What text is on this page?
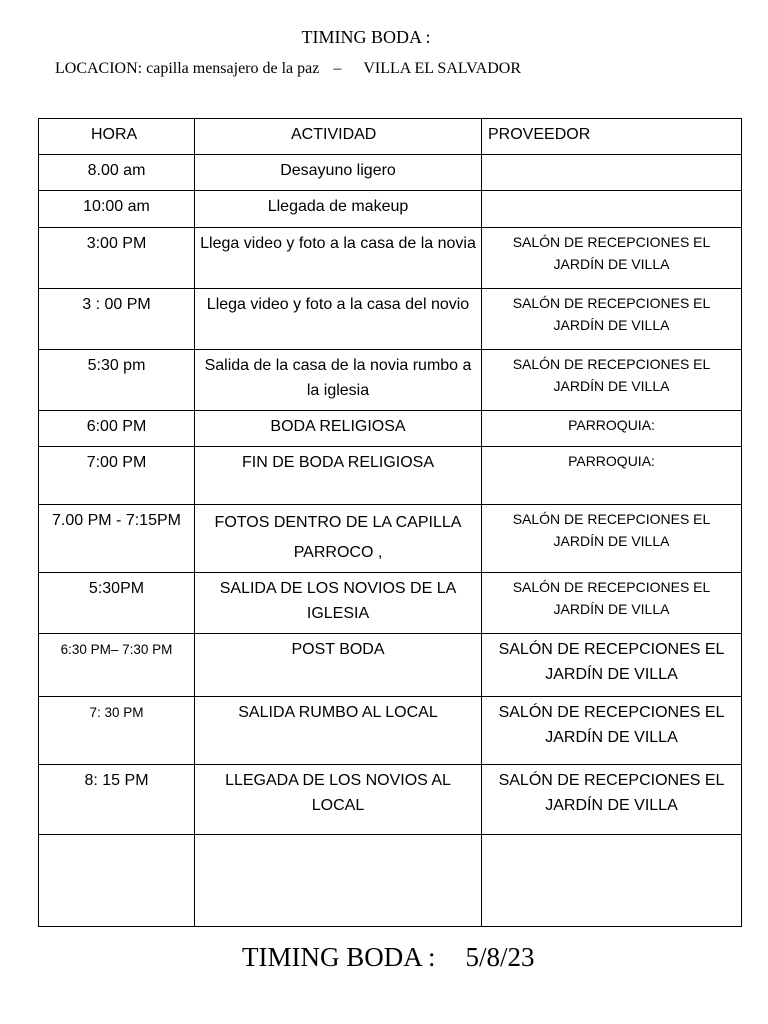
TIMING BODA :
LOCACION: capilla mensajero de la paz – VILLA EL SALVADOR
HORA	ACTIVIDAD	PROVEEDOR
8.00 am	Desayuno ligero	
10:00 am	Llegada de makeup	
3:00 PM	Llega video y foto a la casa de la novia	SALÓN DE RECEPCIONES EL JARDÍN DE VILLA
3 : 00 PM	Llega video y foto a la casa del novio	SALÓN DE RECEPCIONES EL JARDÍN DE VILLA
5:30 pm	Salida de la casa de la novia rumbo a la iglesia	SALÓN DE RECEPCIONES EL JARDÍN DE VILLA
6:00 PM	BODA RELIGIOSA	PARROQUIA:
7:00 PM	FIN DE BODA RELIGIOSA	PARROQUIA:
7.00 PM - 7:15PM	FOTOS DENTRO DE LA CAPILLA PARROCO ,	SALÓN DE RECEPCIONES EL JARDÍN DE VILLA
5:30PM	SALIDA DE LOS NOVIOS DE LA IGLESIA	SALÓN DE RECEPCIONES EL JARDÍN DE VILLA
6:30 PM– 7:30 PM	POST BODA	SALÓN DE RECEPCIONES EL JARDÍN DE VILLA
7: 30 PM	SALIDA RUMBO AL LOCAL	SALÓN DE RECEPCIONES EL JARDÍN DE VILLA
8: 15 PM	LLEGADA DE LOS NOVIOS AL LOCAL	SALÓN DE RECEPCIONES EL JARDÍN DE VILLA

TIMING BODA : 5/8/23
